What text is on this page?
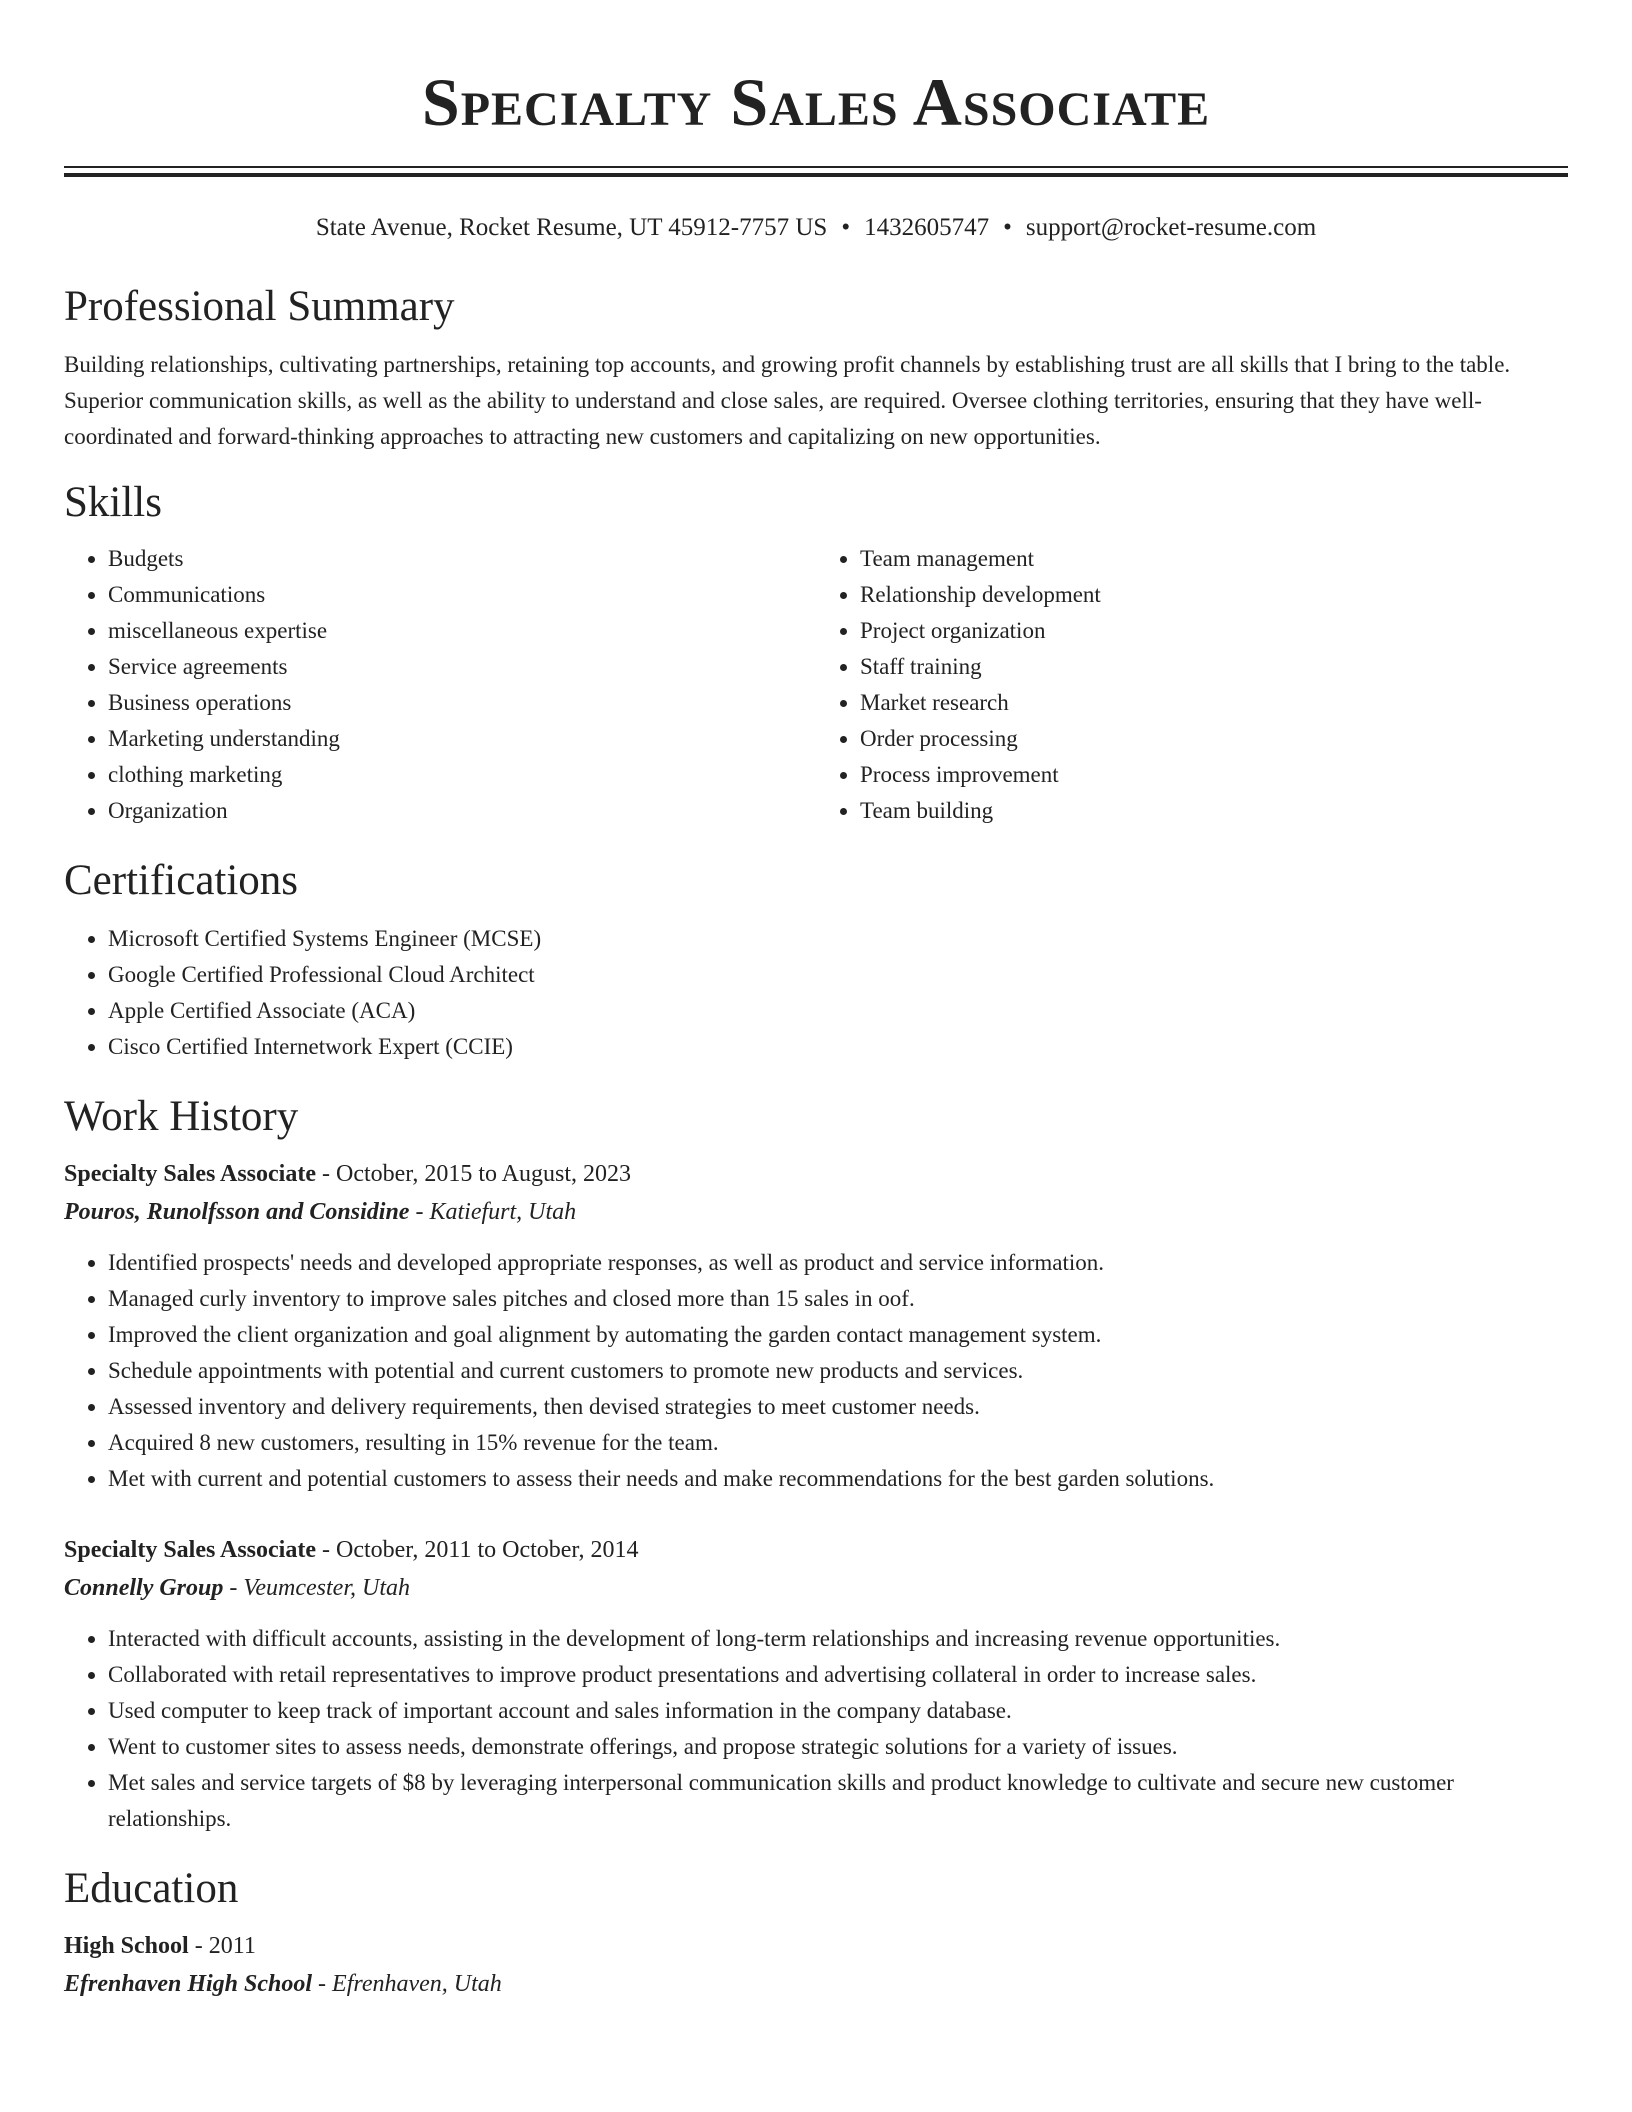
Specialty Sales Associate
State Avenue, Rocket Resume, UT 45912-7757 US • 1432605747 • support@rocket-resume.com
Professional Summary

Building relationships, cultivating partnerships, retaining top accounts, and growing profit channels by establishing trust are all skills that I bring to the table. Superior communication skills, as well as the ability to understand and close sales, are required. Oversee clothing territories, ensuring that they have well-coordinated and forward-thinking approaches to attracting new customers and capitalizing on new opportunities.

Skills
• Budgets
• Communications
• miscellaneous expertise
• Service agreements
• Business operations
• Marketing understanding
• clothing marketing
• Organization
• Team management
• Relationship development
• Project organization
• Staff training
• Market research
• Order processing
• Process improvement
• Team building
Certifications
• Microsoft Certified Systems Engineer (MCSE)
• Google Certified Professional Cloud Architect
• Apple Certified Associate (ACA)
• Cisco Certified Internetwork Expert (CCIE)
Work History
Specialty Sales Associate - October, 2015 to August, 2023
Pouros, Runolfsson and Considine - Katiefurt, Utah
• Identified prospects' needs and developed appropriate responses, as well as product and service information.
• Managed curly inventory to improve sales pitches and closed more than 15 sales in oof.
• Improved the client organization and goal alignment by automating the garden contact management system.
• Schedule appointments with potential and current customers to promote new products and services.
• Assessed inventory and delivery requirements, then devised strategies to meet customer needs.
• Acquired 8 new customers, resulting in 15% revenue for the team.
• Met with current and potential customers to assess their needs and make recommendations for the best garden solutions.
Specialty Sales Associate - October, 2011 to October, 2014
Connelly Group - Veumcester, Utah
• Interacted with difficult accounts, assisting in the development of long-term relationships and increasing revenue opportunities.
• Collaborated with retail representatives to improve product presentations and advertising collateral in order to increase sales.
• Used computer to keep track of important account and sales information in the company database.
• Went to customer sites to assess needs, demonstrate offerings, and propose strategic solutions for a variety of issues.
• Met sales and service targets of $8 by leveraging interpersonal communication skills and product knowledge to cultivate and secure new customer relationships.
Education
High School - 2011
Efrenhaven High School - Efrenhaven, Utah
